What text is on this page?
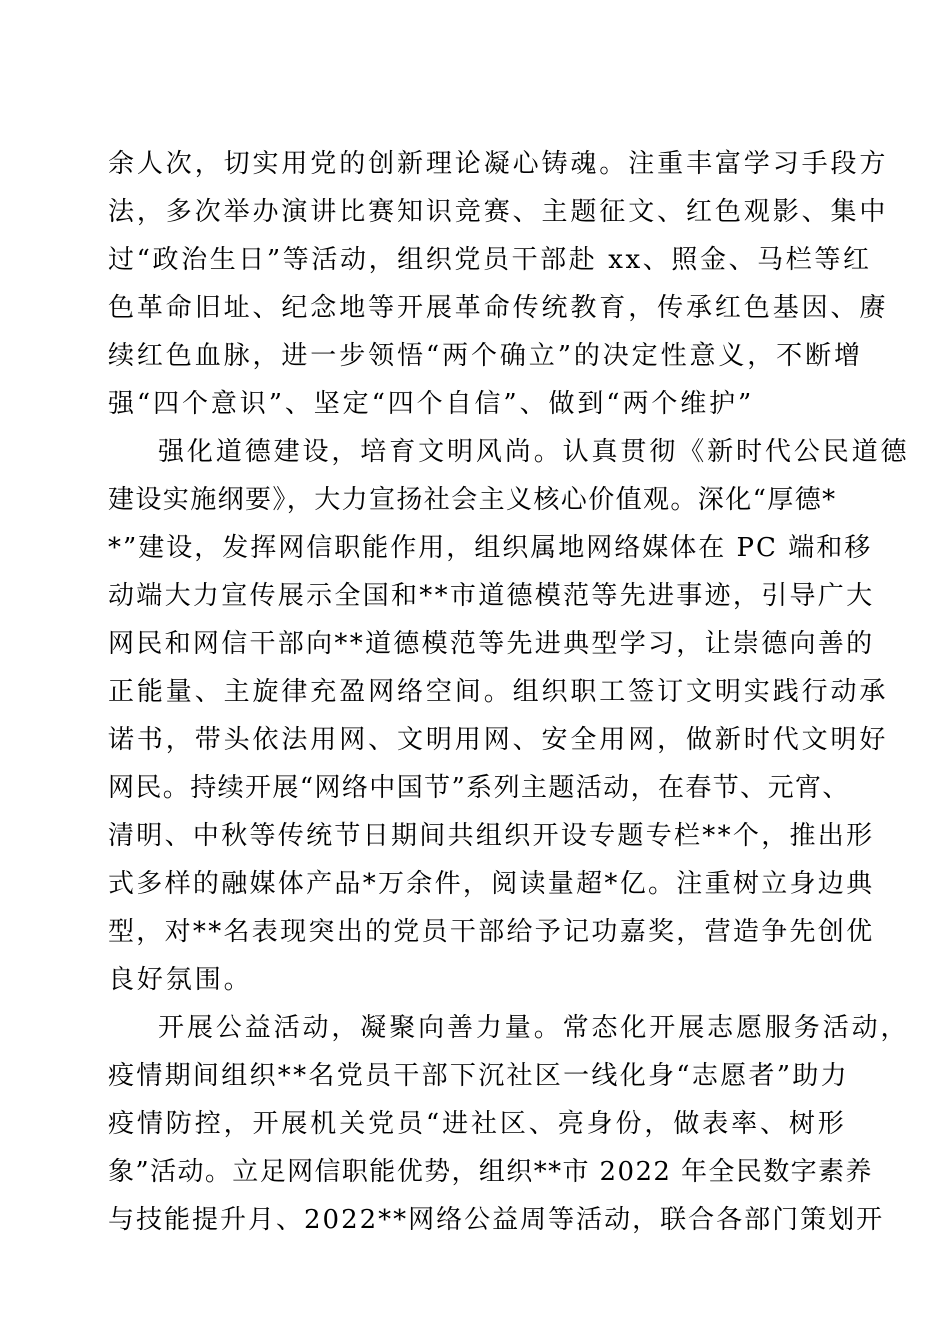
余人次，切实用党的创新理论凝心铸魂。注重丰富学习手段方

法，多次举办演讲比赛知识竞赛、主题征文、红色观影、集中

过“政治生日”等活动，组织党员干部赴 xx、照金、马栏等红

色革命旧址、纪念地等开展革命传统教育，传承红色基因、赓

续红色血脉，进一步领悟“两个确立”的决定性意义，不断增

强“四个意识”、坚定“四个自信”、做到“两个维护”

强化道德建设，培育文明风尚。认真贯彻《新时代公民道德

建设实施纲要》，大力宣扬社会主义核心价值观。深化“厚德*

*”建设，发挥网信职能作用，组织属地网络媒体在 PC 端和移

动端大力宣传展示全国和**市道德模范等先进事迹，引导广大

网民和网信干部向**道德模范等先进典型学习，让崇德向善的

正能量、主旋律充盈网络空间。组织职工签订文明实践行动承

诺书，带头依法用网、文明用网、安全用网，做新时代文明好

网民。持续开展“网络中国节”系列主题活动，在春节、元宵、

清明、中秋等传统节日期间共组织开设专题专栏**个，推出形

式多样的融媒体产品*万余件，阅读量超*亿。注重树立身边典

型，对**名表现突出的党员干部给予记功嘉奖，营造争先创优

良好氛围。

开展公益活动，凝聚向善力量。常态化开展志愿服务活动，

疫情期间组织**名党员干部下沉社区一线化身“志愿者”助力

疫情防控，开展机关党员“进社区、亮身份，做表率、树形

象”活动。立足网信职能优势，组织**市 2022 年全民数字素养

与技能提升月、2022**网络公益周等活动，联合各部门策划开
